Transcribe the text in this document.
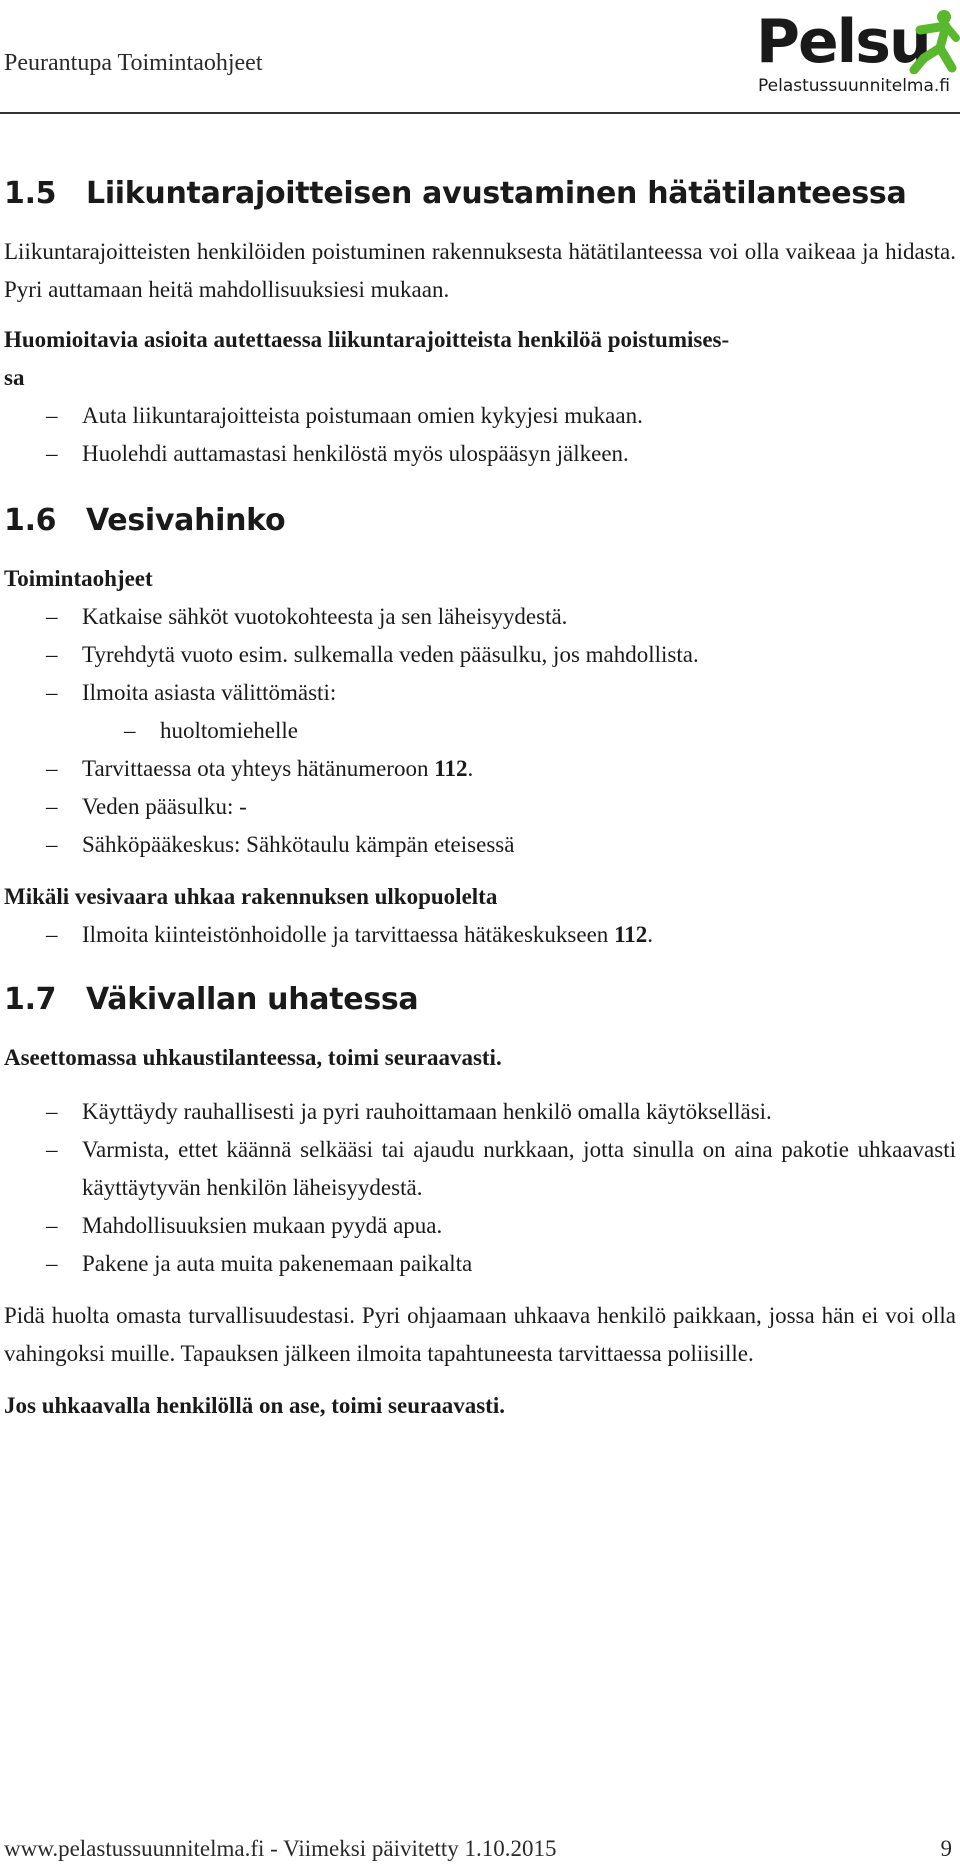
Peurantupa Toimintaohjeet	Pelsu
Pelastussuunnitelma.fi
1.5 Liikuntarajoitteisen avustaminen hätätilanteessa

Liikuntarajoitteisten henkilöiden poistuminen rakennuksesta hätätilanteessa voi olla vaikeaa ja hidasta. Pyri auttamaan heitä mahdollisuuksiesi mukaan.

Huomioitavia asioita autettaessa liikuntarajoitteista henkilöä poistumises-
sa
– Auta liikuntarajoitteista poistumaan omien kykyjesi mukaan.
– Huolehdi auttamastasi henkilöstä myös ulospääsyn jälkeen.
1.6 Vesivahinko
Toimintaohjeet
– Katkaise sähköt vuotokohteesta ja sen läheisyydestä.
– Tyrehdytä vuoto esim. sulkemalla veden pääsulku, jos mahdollista.
– Ilmoita asiasta välittömästi:
– huoltomiehelle
– Tarvittaessa ota yhteys hätänumeroon 112.
– Veden pääsulku: -
– Sähköpääkeskus: Sähkötaulu kämpän eteisessä
Mikäli vesivaara uhkaa rakennuksen ulkopuolelta
– Ilmoita kiinteistönhoidolle ja tarvittaessa hätäkeskukseen 112.
1.7 Väkivallan uhatessa
Aseettomassa uhkaustilanteessa, toimi seuraavasti.
– Käyttäydy rauhallisesti ja pyri rauhoittamaan henkilö omalla käytökselläsi.
– Varmista, ettet käännä selkääsi tai ajaudu nurkkaan, jotta sinulla on aina pakotie uhkaavasti käyttäytyvän henkilön läheisyydestä.
– Mahdollisuuksien mukaan pyydä apua.
– Pakene ja auta muita pakenemaan paikalta

Pidä huolta omasta turvallisuudestasi. Pyri ohjaamaan uhkaava henkilö paikkaan, jossa hän ei voi olla vahingoksi muille. Tapauksen jälkeen ilmoita tapahtuneesta tarvittaessa poliisille.

Jos uhkaavalla henkilöllä on ase, toimi seuraavasti.
www.pelastussuunnitelma.fi - Viimeksi päivitetty 1.10.2015	9
